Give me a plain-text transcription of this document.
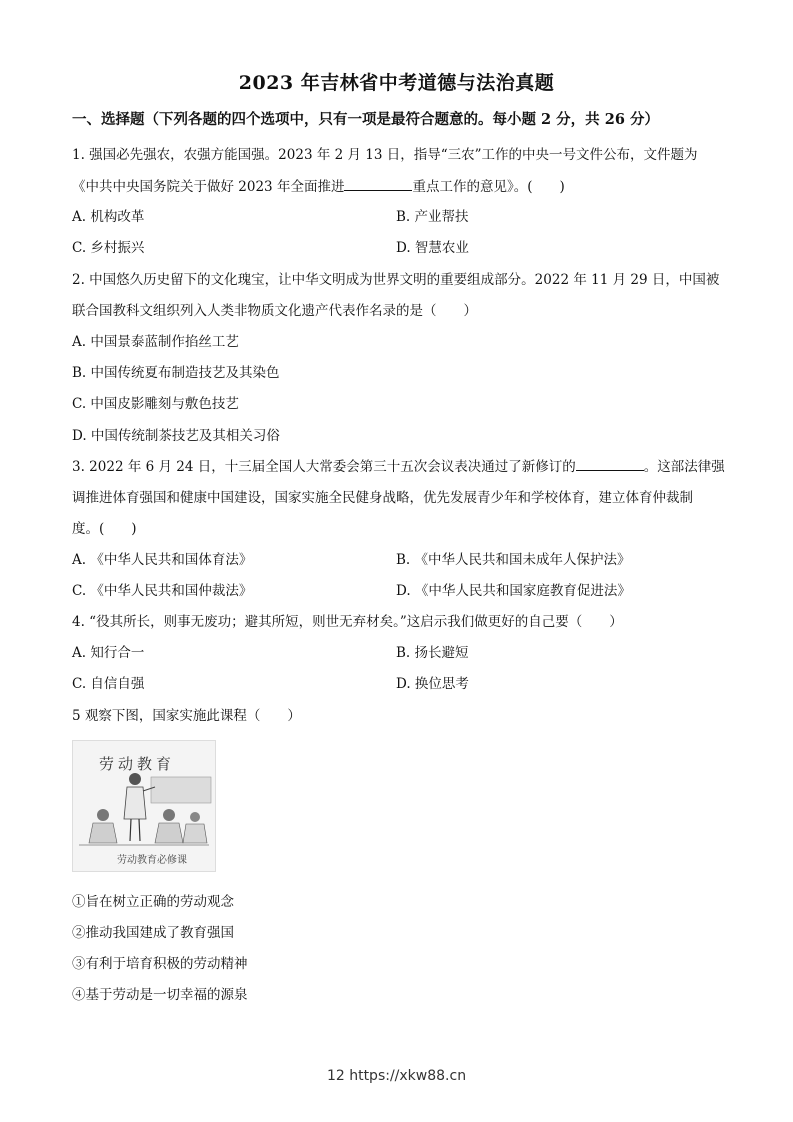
2023 年吉林省中考道德与法治真题
一、选择题（下列各题的四个选项中，只有一项是最符合题意的。每小题 2 分，共 26 分）
1. 强国必先强农，农强方能国强。2023 年 2 月 13 日，指导“三农”工作的中央一号文件公布，文件题为
《中共中央国务院关于做好 2023 年全面推进	重点工作的意见》。(　　)
A. 机构改革	B. 产业帮扶
C. 乡村振兴	D. 智慧农业
2. 中国悠久历史留下的文化瑰宝，让中华文明成为世界文明的重要组成部分。2022 年 11 月 29 日，中国被
联合国教科文组织列入人类非物质文化遗产代表作名录的是（　　）
A. 中国景泰蓝制作掐丝工艺
B. 中国传统夏布制造技艺及其染色
C. 中国皮影雕刻与敷色技艺
D. 中国传统制茶技艺及其相关习俗
3. 2022 年 6 月 24 日，十三届全国人大常委会第三十五次会议表决通过了新修订的	。这部法律强
调推进体育强国和健康中国建设，国家实施全民健身战略，优先发展青少年和学校体育，建立体育仲裁制
度。(　　)
A. 《中华人民共和国体育法》	B. 《中华人民共和国未成年人保护法》
C. 《中华人民共和国仲裁法》	D. 《中华人民共和国家庭教育促进法》
4. “役其所长，则事无废功；避其所短，则世无弃材矣。”这启示我们做更好的自己要（　　）
A. 知行合一	B. 扬长避短
C. 自信自强	D. 换位思考
5 观察下图，国家实施此课程（　　）
劳动教育
劳动教育必修课
①旨在树立正确的劳动观念
②推动我国建成了教育强国
③有利于培育积极的劳动精神
④基于劳动是一切幸福的源泉
12 https://xkw88.cn
